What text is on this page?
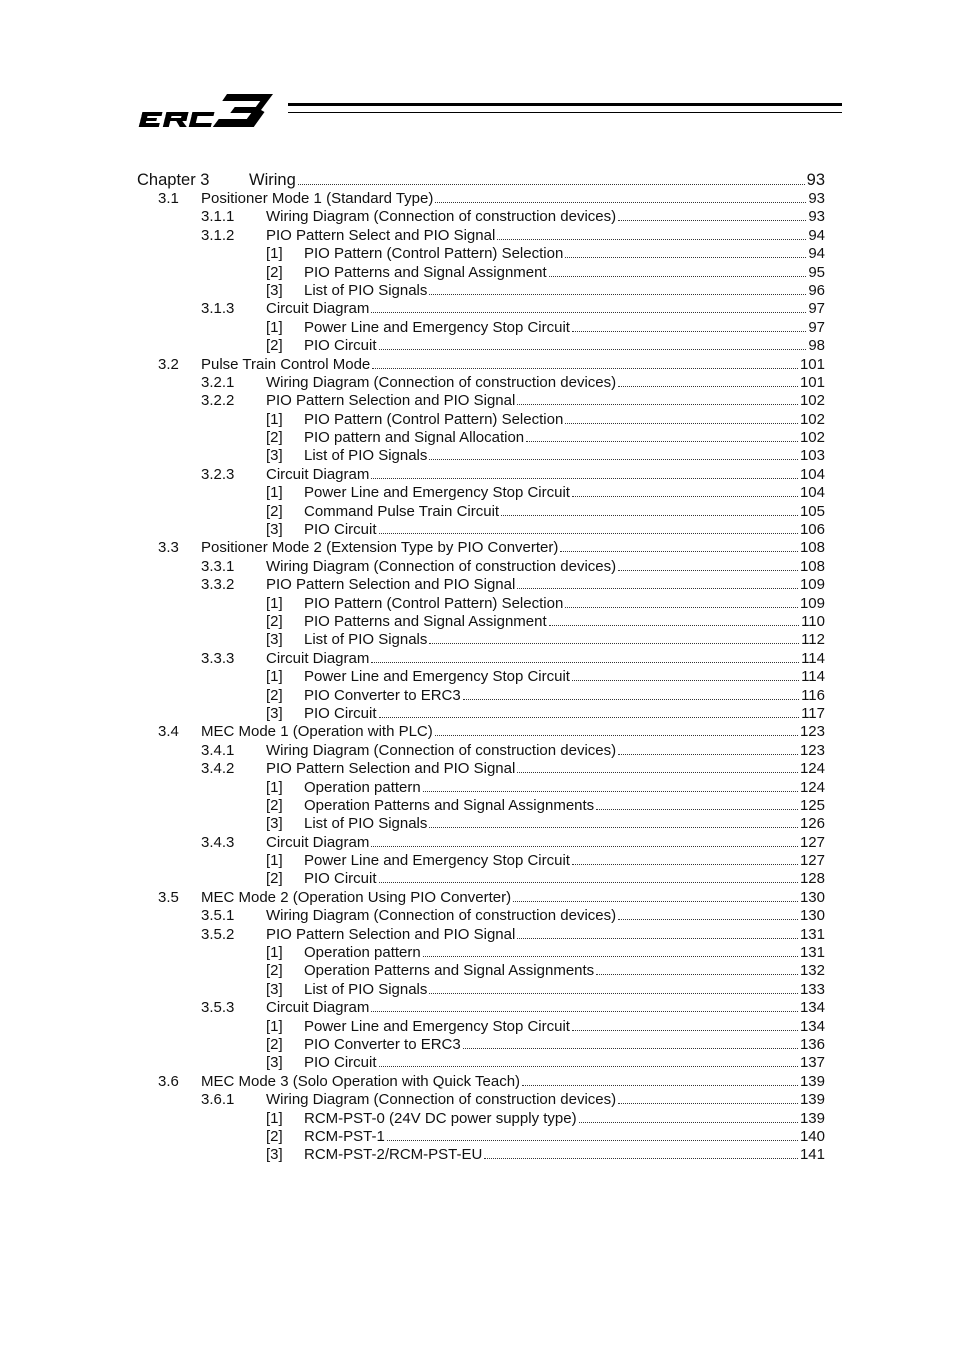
Chapter 3 Wiring	93
3.1 Positioner Mode 1 (Standard Type)	93
3.1.1 Wiring Diagram (Connection of construction devices)	93
3.1.2 PIO Pattern Select and PIO Signal	94
[1] PIO Pattern (Control Pattern) Selection	94
[2] PIO Patterns and Signal Assignment	95
[3] List of PIO Signals	96
3.1.3 Circuit Diagram	97
[1] Power Line and Emergency Stop Circuit	97
[2] PIO Circuit	98
3.2 Pulse Train Control Mode	101
3.2.1 Wiring Diagram (Connection of construction devices)	101
3.2.2 PIO Pattern Selection and PIO Signal	102
[1] PIO Pattern (Control Pattern) Selection	102
[2] PIO pattern and Signal Allocation	102
[3] List of PIO Signals	103
3.2.3 Circuit Diagram	104
[1] Power Line and Emergency Stop Circuit	104
[2] Command Pulse Train Circuit	105
[3] PIO Circuit	106
3.3 Positioner Mode 2 (Extension Type by PIO Converter)	108
3.3.1 Wiring Diagram (Connection of construction devices)	108
3.3.2 PIO Pattern Selection and PIO Signal	109
[1] PIO Pattern (Control Pattern) Selection	109
[2] PIO Patterns and Signal Assignment	110
[3] List of PIO Signals	112
3.3.3 Circuit Diagram	114
[1] Power Line and Emergency Stop Circuit	114
[2] PIO Converter to ERC3	116
[3] PIO Circuit	117
3.4 MEC Mode 1 (Operation with PLC)	123
3.4.1 Wiring Diagram (Connection of construction devices)	123
3.4.2 PIO Pattern Selection and PIO Signal	124
[1] Operation pattern	124
[2] Operation Patterns and Signal Assignments	125
[3] List of PIO Signals	126
3.4.3 Circuit Diagram	127
[1] Power Line and Emergency Stop Circuit	127
[2] PIO Circuit	128
3.5 MEC Mode 2 (Operation Using PIO Converter)	130
3.5.1 Wiring Diagram (Connection of construction devices)	130
3.5.2 PIO Pattern Selection and PIO Signal	131
[1] Operation pattern	131
[2] Operation Patterns and Signal Assignments	132
[3] List of PIO Signals	133
3.5.3 Circuit Diagram	134
[1] Power Line and Emergency Stop Circuit	134
[2] PIO Converter to ERC3	136
[3] PIO Circuit	137
3.6 MEC Mode 3 (Solo Operation with Quick Teach)	139
3.6.1 Wiring Diagram (Connection of construction devices)	139
[1] RCM-PST-0 (24V DC power supply type)	139
[2] RCM-PST-1	140
[3] RCM-PST-2/RCM-PST-EU	141
